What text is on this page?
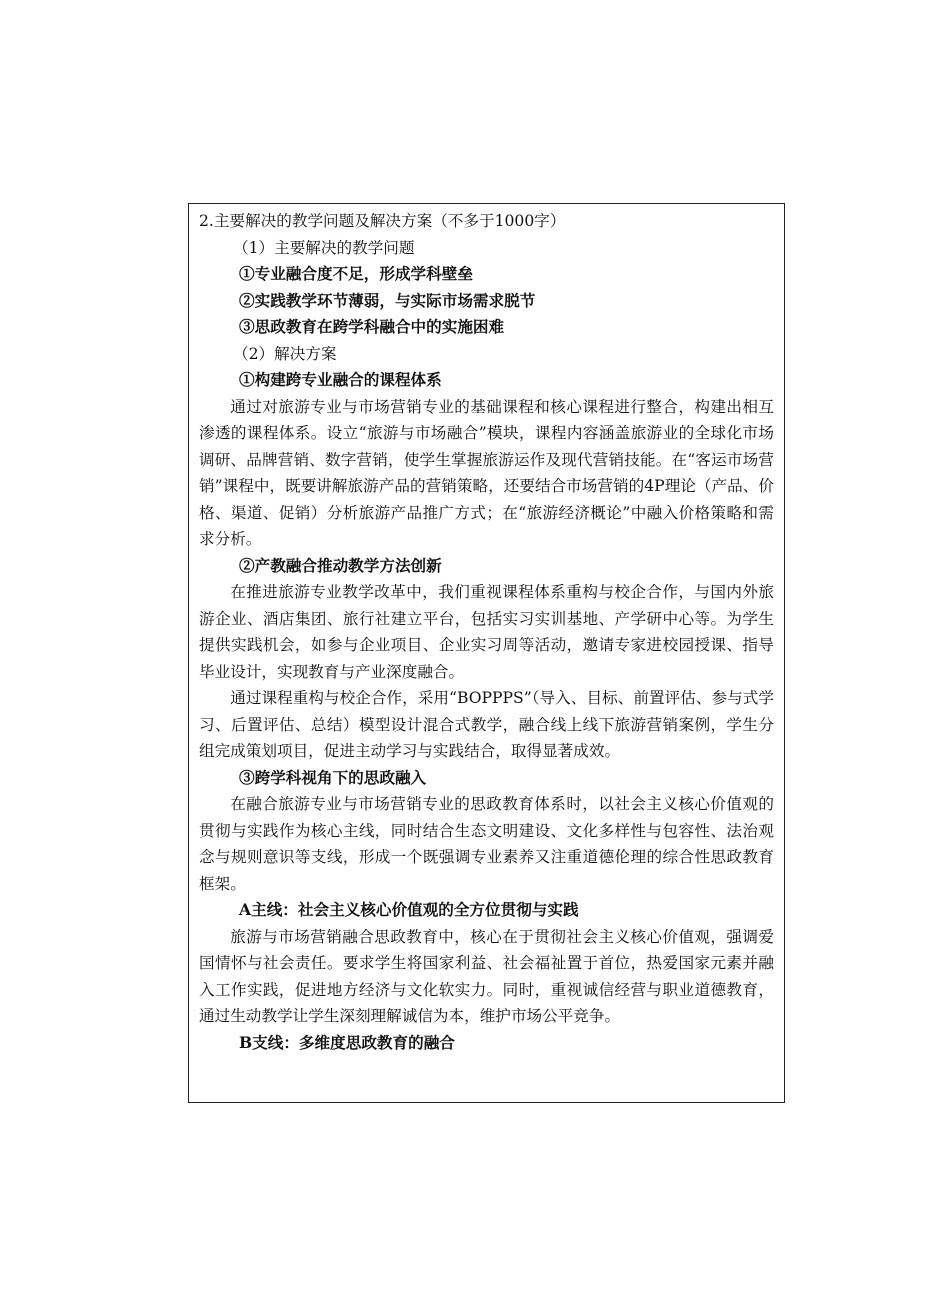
2.主要解决的教学问题及解决方案（不多于1000字）
（1）主要解决的教学问题
①专业融合度不足，形成学科壁垒
②实践教学环节薄弱，与实际市场需求脱节
③思政教育在跨学科融合中的实施困难
（2）解决方案
①构建跨专业融合的课程体系

通过对旅游专业与市场营销专业的基础课程和核心课程进行整合，构建出相互渗透的课程体系。设立“旅游与市场融合”模块，课程内容涵盖旅游业的全球化市场调研、品牌营销、数字营销，使学生掌握旅游运作及现代营销技能。在“客运市场营销”课程中，既要讲解旅游产品的营销策略，还要结合市场营销的4P理论（产品、价格、渠道、促销）分析旅游产品推广方式；在“旅游经济概论”中融入价格策略和需求分析。

②产教融合推动教学方法创新

在推进旅游专业教学改革中，我们重视课程体系重构与校企合作，与国内外旅游企业、酒店集团、旅行社建立平台，包括实习实训基地、产学研中心等。为学生提供实践机会，如参与企业项目、企业实习周等活动，邀请专家进校园授课、指导毕业设计，实现教育与产业深度融合。

通过课程重构与校企合作，采用“BOPPPS”（导入、目标、前置评估、参与式学习、后置评估、总结）模型设计混合式教学，融合线上线下旅游营销案例，学生分组完成策划项目，促进主动学习与实践结合，取得显著成效。

③跨学科视角下的思政融入

在融合旅游专业与市场营销专业的思政教育体系时，以社会主义核心价值观的贯彻与实践作为核心主线，同时结合生态文明建设、文化多样性与包容性、法治观念与规则意识等支线，形成一个既强调专业素养又注重道德伦理的综合性思政教育框架。

A主线：社会主义核心价值观的全方位贯彻与实践

旅游与市场营销融合思政教育中，核心在于贯彻社会主义核心价值观，强调爱国情怀与社会责任。要求学生将国家利益、社会福祉置于首位，热爱国家元素并融入工作实践，促进地方经济与文化软实力。同时，重视诚信经营与职业道德教育，通过生动教学让学生深刻理解诚信为本，维护市场公平竞争。

B支线：多维度思政教育的融合
